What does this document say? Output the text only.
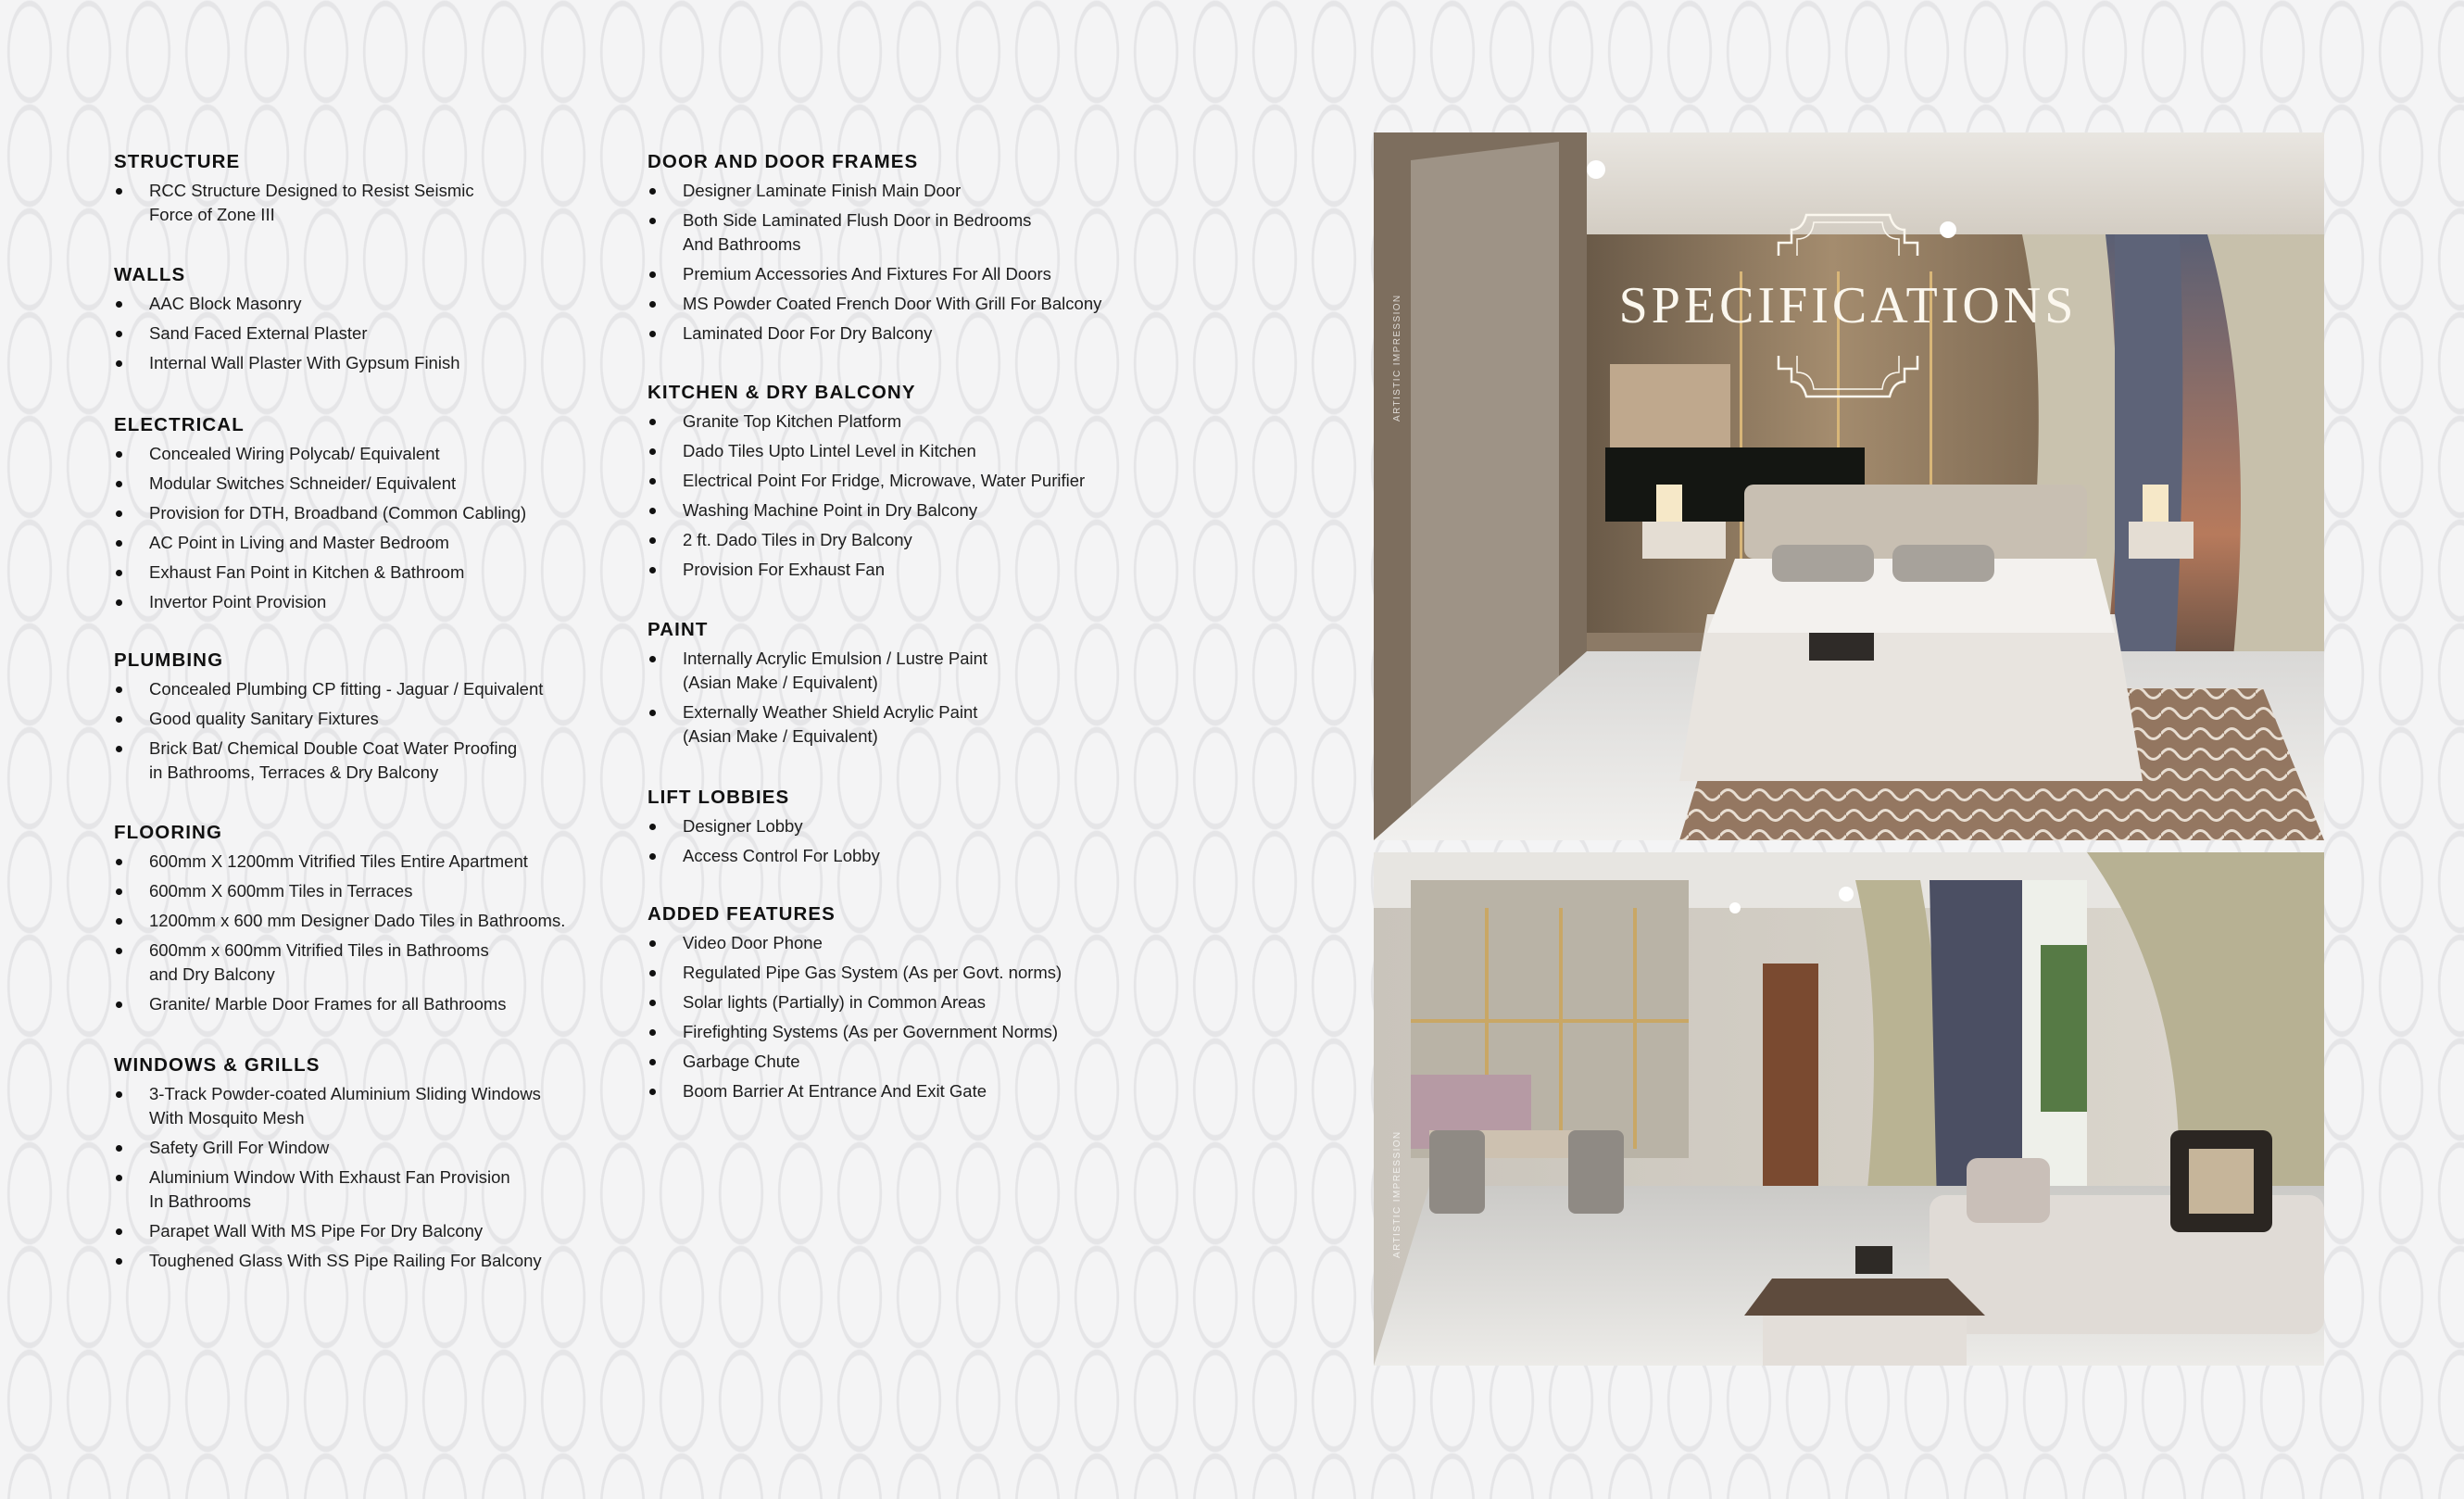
STRUCTURE
RCC Structure Designed to Resist Seismic
Force of Zone III
WALLS
AAC Block Masonry
Sand Faced External Plaster
Internal Wall Plaster With Gypsum Finish
ELECTRICAL
Concealed Wiring Polycab/ Equivalent
Modular Switches Schneider/ Equivalent
Provision for DTH, Broadband (Common Cabling)
AC Point in Living and Master Bedroom
Exhaust Fan Point in Kitchen & Bathroom
Invertor Point Provision
PLUMBING
Concealed Plumbing CP fitting - Jaguar / Equivalent
Good quality Sanitary Fixtures
Brick Bat/ Chemical Double Coat Water Proofing
in Bathrooms, Terraces & Dry Balcony
FLOORING
600mm X 1200mm Vitrified Tiles Entire Apartment
600mm X 600mm Tiles in Terraces
1200mm x 600 mm Designer Dado Tiles in Bathrooms.
600mm x 600mm Vitrified Tiles in Bathrooms
and Dry Balcony
Granite/ Marble Door Frames for all Bathrooms
WINDOWS & GRILLS
3-Track Powder-coated Aluminium Sliding Windows
With Mosquito Mesh
Safety Grill For Window
Aluminium Window With Exhaust Fan Provision
In Bathrooms
Parapet Wall With MS Pipe For Dry Balcony
Toughened Glass With SS Pipe Railing For Balcony
DOOR AND DOOR FRAMES
Designer Laminate Finish Main Door
Both Side Laminated Flush Door in Bedrooms
And Bathrooms
Premium Accessories And Fixtures For All Doors
MS Powder Coated French Door With Grill For Balcony
Laminated Door For Dry Balcony
KITCHEN & DRY BALCONY
Granite Top Kitchen Platform
Dado Tiles Upto Lintel Level in Kitchen
Electrical Point For Fridge, Microwave, Water Purifier
Washing Machine Point in Dry Balcony
2 ft. Dado Tiles in Dry Balcony
Provision For Exhaust Fan
PAINT
Internally Acrylic Emulsion / Lustre Paint
(Asian Make / Equivalent)
Externally Weather Shield Acrylic Paint
(Asian Make / Equivalent)
LIFT LOBBIES
Designer Lobby
Access Control For Lobby
ADDED FEATURES
Video Door Phone
Regulated Pipe Gas System (As per Govt. norms)
Solar lights (Partially) in Common Areas
Firefighting Systems (As per Government Norms)
Garbage Chute
Boom Barrier At Entrance And Exit Gate
ARTISTIC IMPRESSION
ARTISTIC IMPRESSION
SPECIFICATIONS
